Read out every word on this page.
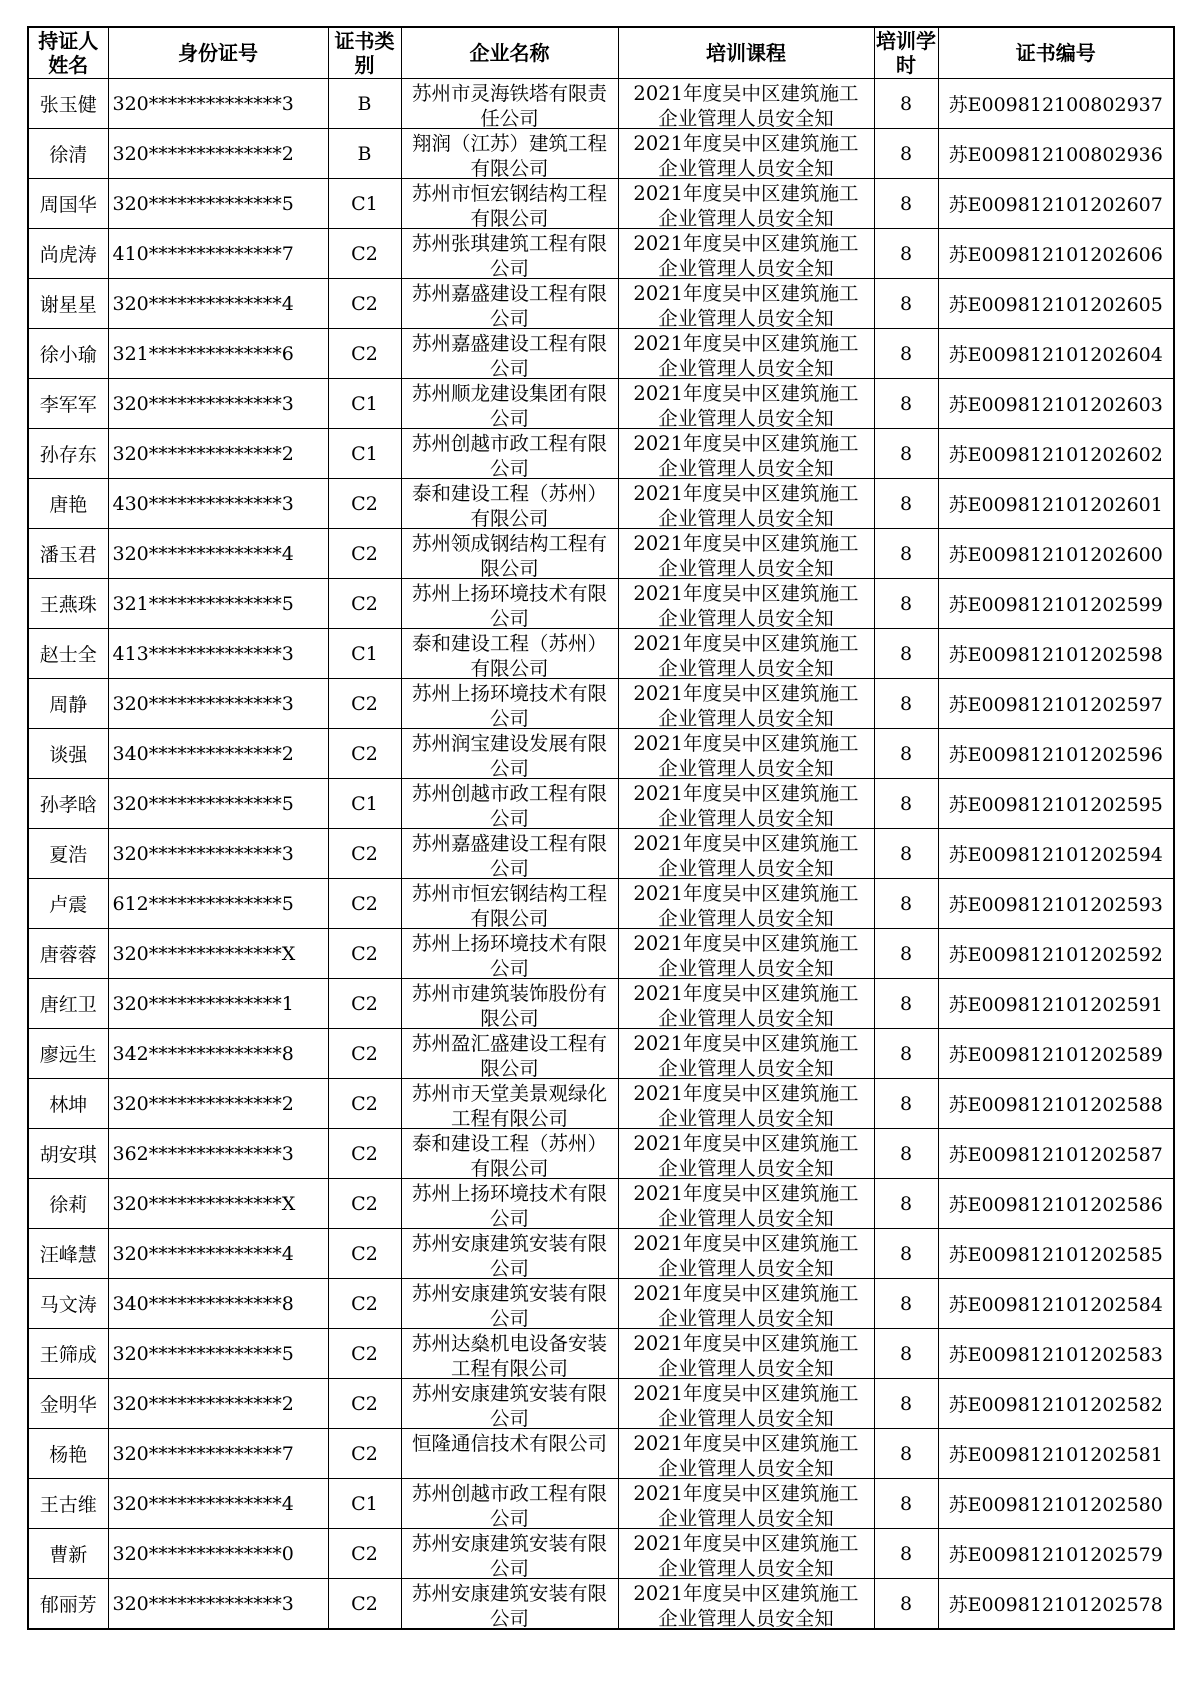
持证人姓名	身份证号	证书类别	企业名称	培训课程	培训学时	证书编号
张玉健	320**************3	B	苏州市灵海铁塔有限责任公司	2021年度吴中区建筑施工企业管理人员安全知	8	苏E009812100802937
徐清	320**************2	B	翔润（江苏）建筑工程有限公司	2021年度吴中区建筑施工企业管理人员安全知	8	苏E009812100802936
周国华	320**************5	C1	苏州市恒宏钢结构工程有限公司	2021年度吴中区建筑施工企业管理人员安全知	8	苏E009812101202607
尚虎涛	410**************7	C2	苏州张琪建筑工程有限公司	2021年度吴中区建筑施工企业管理人员安全知	8	苏E009812101202606
谢星星	320**************4	C2	苏州嘉盛建设工程有限公司	2021年度吴中区建筑施工企业管理人员安全知	8	苏E009812101202605
徐小瑜	321**************6	C2	苏州嘉盛建设工程有限公司	2021年度吴中区建筑施工企业管理人员安全知	8	苏E009812101202604
李军军	320**************3	C1	苏州顺龙建设集团有限公司	2021年度吴中区建筑施工企业管理人员安全知	8	苏E009812101202603
孙存东	320**************2	C1	苏州创越市政工程有限公司	2021年度吴中区建筑施工企业管理人员安全知	8	苏E009812101202602
唐艳	430**************3	C2	泰和建设工程（苏州）有限公司	2021年度吴中区建筑施工企业管理人员安全知	8	苏E009812101202601
潘玉君	320**************4	C2	苏州领成钢结构工程有限公司	2021年度吴中区建筑施工企业管理人员安全知	8	苏E009812101202600
王燕珠	321**************5	C2	苏州上扬环境技术有限公司	2021年度吴中区建筑施工企业管理人员安全知	8	苏E009812101202599
赵士全	413**************3	C1	泰和建设工程（苏州）有限公司	2021年度吴中区建筑施工企业管理人员安全知	8	苏E009812101202598
周静	320**************3	C2	苏州上扬环境技术有限公司	2021年度吴中区建筑施工企业管理人员安全知	8	苏E009812101202597
谈强	340**************2	C2	苏州润宝建设发展有限公司	2021年度吴中区建筑施工企业管理人员安全知	8	苏E009812101202596
孙孝晗	320**************5	C1	苏州创越市政工程有限公司	2021年度吴中区建筑施工企业管理人员安全知	8	苏E009812101202595
夏浩	320**************3	C2	苏州嘉盛建设工程有限公司	2021年度吴中区建筑施工企业管理人员安全知	8	苏E009812101202594
卢震	612**************5	C2	苏州市恒宏钢结构工程有限公司	2021年度吴中区建筑施工企业管理人员安全知	8	苏E009812101202593
唐蓉蓉	320**************X	C2	苏州上扬环境技术有限公司	2021年度吴中区建筑施工企业管理人员安全知	8	苏E009812101202592
唐红卫	320**************1	C2	苏州市建筑装饰股份有限公司	2021年度吴中区建筑施工企业管理人员安全知	8	苏E009812101202591
廖远生	342**************8	C2	苏州盈汇盛建设工程有限公司	2021年度吴中区建筑施工企业管理人员安全知	8	苏E009812101202589
林坤	320**************2	C2	苏州市天堂美景观绿化工程有限公司	2021年度吴中区建筑施工企业管理人员安全知	8	苏E009812101202588
胡安琪	362**************3	C2	泰和建设工程（苏州）有限公司	2021年度吴中区建筑施工企业管理人员安全知	8	苏E009812101202587
徐莉	320**************X	C2	苏州上扬环境技术有限公司	2021年度吴中区建筑施工企业管理人员安全知	8	苏E009812101202586
汪峰慧	320**************4	C2	苏州安康建筑安装有限公司	2021年度吴中区建筑施工企业管理人员安全知	8	苏E009812101202585
马文涛	340**************8	C2	苏州安康建筑安装有限公司	2021年度吴中区建筑施工企业管理人员安全知	8	苏E009812101202584
王筛成	320**************5	C2	苏州达燊机电设备安装工程有限公司	2021年度吴中区建筑施工企业管理人员安全知	8	苏E009812101202583
金明华	320**************2	C2	苏州安康建筑安装有限公司	2021年度吴中区建筑施工企业管理人员安全知	8	苏E009812101202582
杨艳	320**************7	C2	恒隆通信技术有限公司	2021年度吴中区建筑施工企业管理人员安全知	8	苏E009812101202581
王古维	320**************4	C1	苏州创越市政工程有限公司	2021年度吴中区建筑施工企业管理人员安全知	8	苏E009812101202580
曹新	320**************0	C2	苏州安康建筑安装有限公司	2021年度吴中区建筑施工企业管理人员安全知	8	苏E009812101202579
郁丽芳	320**************3	C2	苏州安康建筑安装有限公司	2021年度吴中区建筑施工企业管理人员安全知	8	苏E009812101202578
